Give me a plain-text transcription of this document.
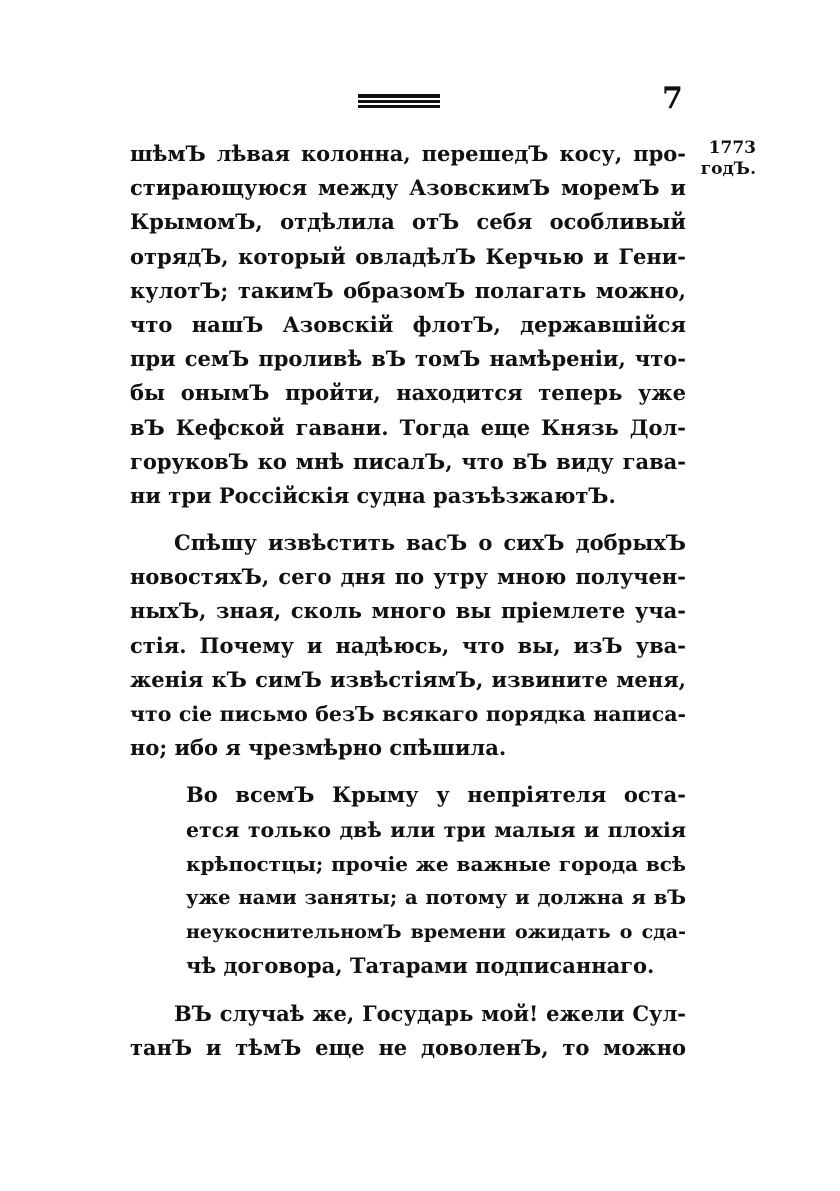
7
1773
годЪ.
шѣмЪ лѣвая колонна, перешедЪ косу, про-
стирающуюся между АзовскимЪ моремЪ и
КрымомЪ, отдѣлила отЪ себя особливый
отрядЪ, который овладѣлЪ Керчью и Гени-
кулотЪ; такимЪ образомЪ полагать можно,
что нашЪ Азовскій флотЪ, державшійся
при семЪ проливѣ вЪ томЪ намѣреніи, чтo-
бы онымЪ пройти, находится теперь уже
вЪ Кефской гавани. Тогда еще Князь Дол-
горуковЪ ко мнѣ писалЪ, что вЪ виду гава-
ни три Россійскія судна разъѣзжаютЪ.
Спѣшу извѣстить васЪ о сихЪ добрыхЪ
новостяхЪ, сего дня по утру мною получен-
ныхЪ, зная, сколь много вы пріемлете уча-
стія. Почему и надѣюсь, что вы, изЪ ува-
женія кЪ симЪ извѣстіямЪ, извините меня,
что сіе письмо безЪ всякаго порядка написа-
но; ибо я чрезмѣрно спѣшила.
Во всемЪ Крыму у непріятеля оста-
ется только двѣ или три малыя и плохія
крѣпостцы; прочіе же важные города всѣ
уже нами заняты; а потому и должна я вЪ
неукоснительномЪ времени ожидать о сда-
чѣ договора, Татарами подписаннаго.
ВЪ случаѣ же, Государь мой! ежели Сул-
танЪ и тѣмЪ еще не доволенЪ, то можно
